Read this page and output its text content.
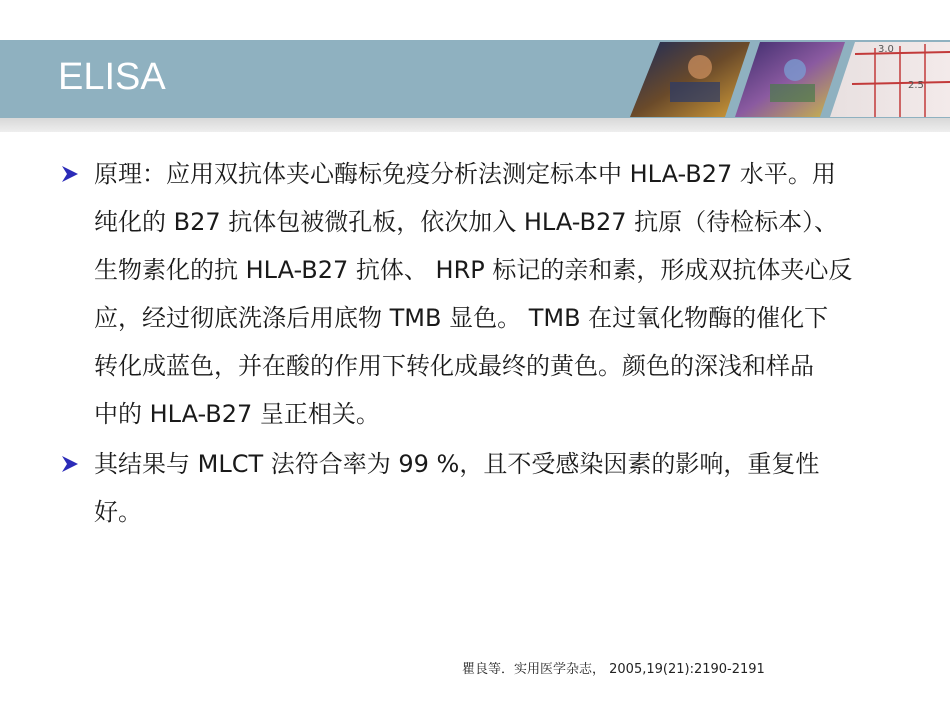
ELISA
3.0
2.5
原理：应用双抗体夹心酶标免疫分析法测定标本中 HLA-B27 水平。用
纯化的 B27 抗体包被微孔板，依次加入 HLA-B27 抗原（待检标本）、
生物素化的抗 HLA-B27 抗体、 HRP 标记的亲和素，形成双抗体夹心反
应，经过彻底洗涤后用底物 TMB 显色。 TMB 在过氧化物酶的催化下
转化成蓝色，并在酸的作用下转化成最终的黄色。颜色的深浅和样品
中的 HLA-B27 呈正相关。
其结果与 MLCT 法符合率为 99 %，且不受感染因素的影响，重复性
好。
瞿良等．实用医学杂志， 2005,19(21):2190-2191
